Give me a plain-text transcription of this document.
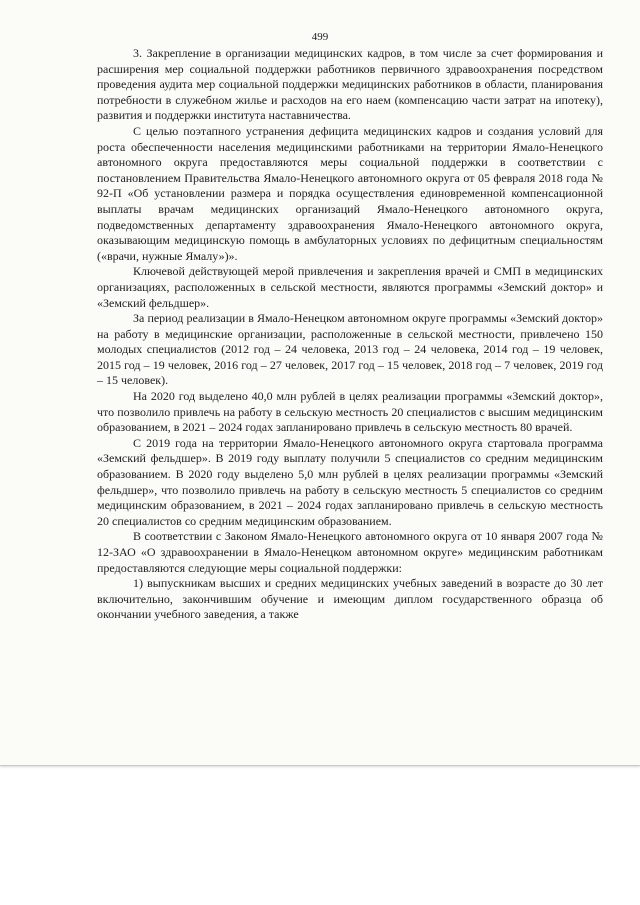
499

3. Закрепление в организации медицинских кадров, в том числе за счет формирования и расширения мер социальной поддержки работников первичного здравоохранения посредством проведения аудита мер социальной поддержки медицинских работников в области, планирования потребности в служебном жилье и расходов на его наем (компенсацию части затрат на ипотеку), развития и поддержки института наставничества.

С целью поэтапного устранения дефицита медицинских кадров и создания условий для роста обеспеченности населения медицинскими работниками на территории Ямало-Ненецкого автономного округа предоставляются меры социальной поддержки в соответствии с постановлением Правительства Ямало-Ненецкого автономного округа от 05 февраля 2018 года № 92-П «Об установлении размера и порядка осуществления единовременной компенсационной выплаты врачам медицинских организаций Ямало-Ненецкого автономного округа, подведомственных департаменту здравоохранения Ямало-Ненецкого автономного округа, оказывающим медицинскую помощь в амбулаторных условиях по дефицитным специальностям («врачи, нужные Ямалу»)».

Ключевой действующей мерой привлечения и закрепления врачей и СМП в медицинских организациях, расположенных в сельской местности, являются программы «Земский доктор» и «Земский фельдшер».

За период реализации в Ямало-Ненецком автономном округе программы «Земский доктор» на работу в медицинские организации, расположенные в сельской местности, привлечено 150 молодых специалистов (2012 год – 24 человека, 2013 год – 24 человека, 2014 год – 19 человек, 2015 год – 19 человек, 2016 год – 27 человек, 2017 год – 15 человек, 2018 год – 7 человек, 2019 год – 15 человек).

На 2020 год выделено 40,0 млн рублей в целях реализации программы «Земский доктор», что позволило привлечь на работу в сельскую местность 20 специалистов с высшим медицинским образованием, в 2021 – 2024 годах запланировано привлечь в сельскую местность 80 врачей.

С 2019 года на территории Ямало-Ненецкого автономного округа стартовала программа «Земский фельдшер». В 2019 году выплату получили 5 специалистов со средним медицинским образованием. В 2020 году выделено 5,0 млн рублей в целях реализации программы «Земский фельдшер», что позволило привлечь на работу в сельскую местность 5 специалистов со средним медицинским образованием, в 2021 – 2024 годах запланировано привлечь в сельскую местность 20 специалистов со средним медицинским образованием.

В соответствии с Законом Ямало-Ненецкого автономного округа от 10 января 2007 года № 12-ЗАО «О здравоохранении в Ямало-Ненецком автономном округе» медицинским работникам предоставляются следующие меры социальной поддержки:

1) выпускникам высших и средних медицинских учебных заведений в возрасте до 30 лет включительно, закончившим обучение и имеющим диплом государственного образца об окончании учебного заведения, а также
